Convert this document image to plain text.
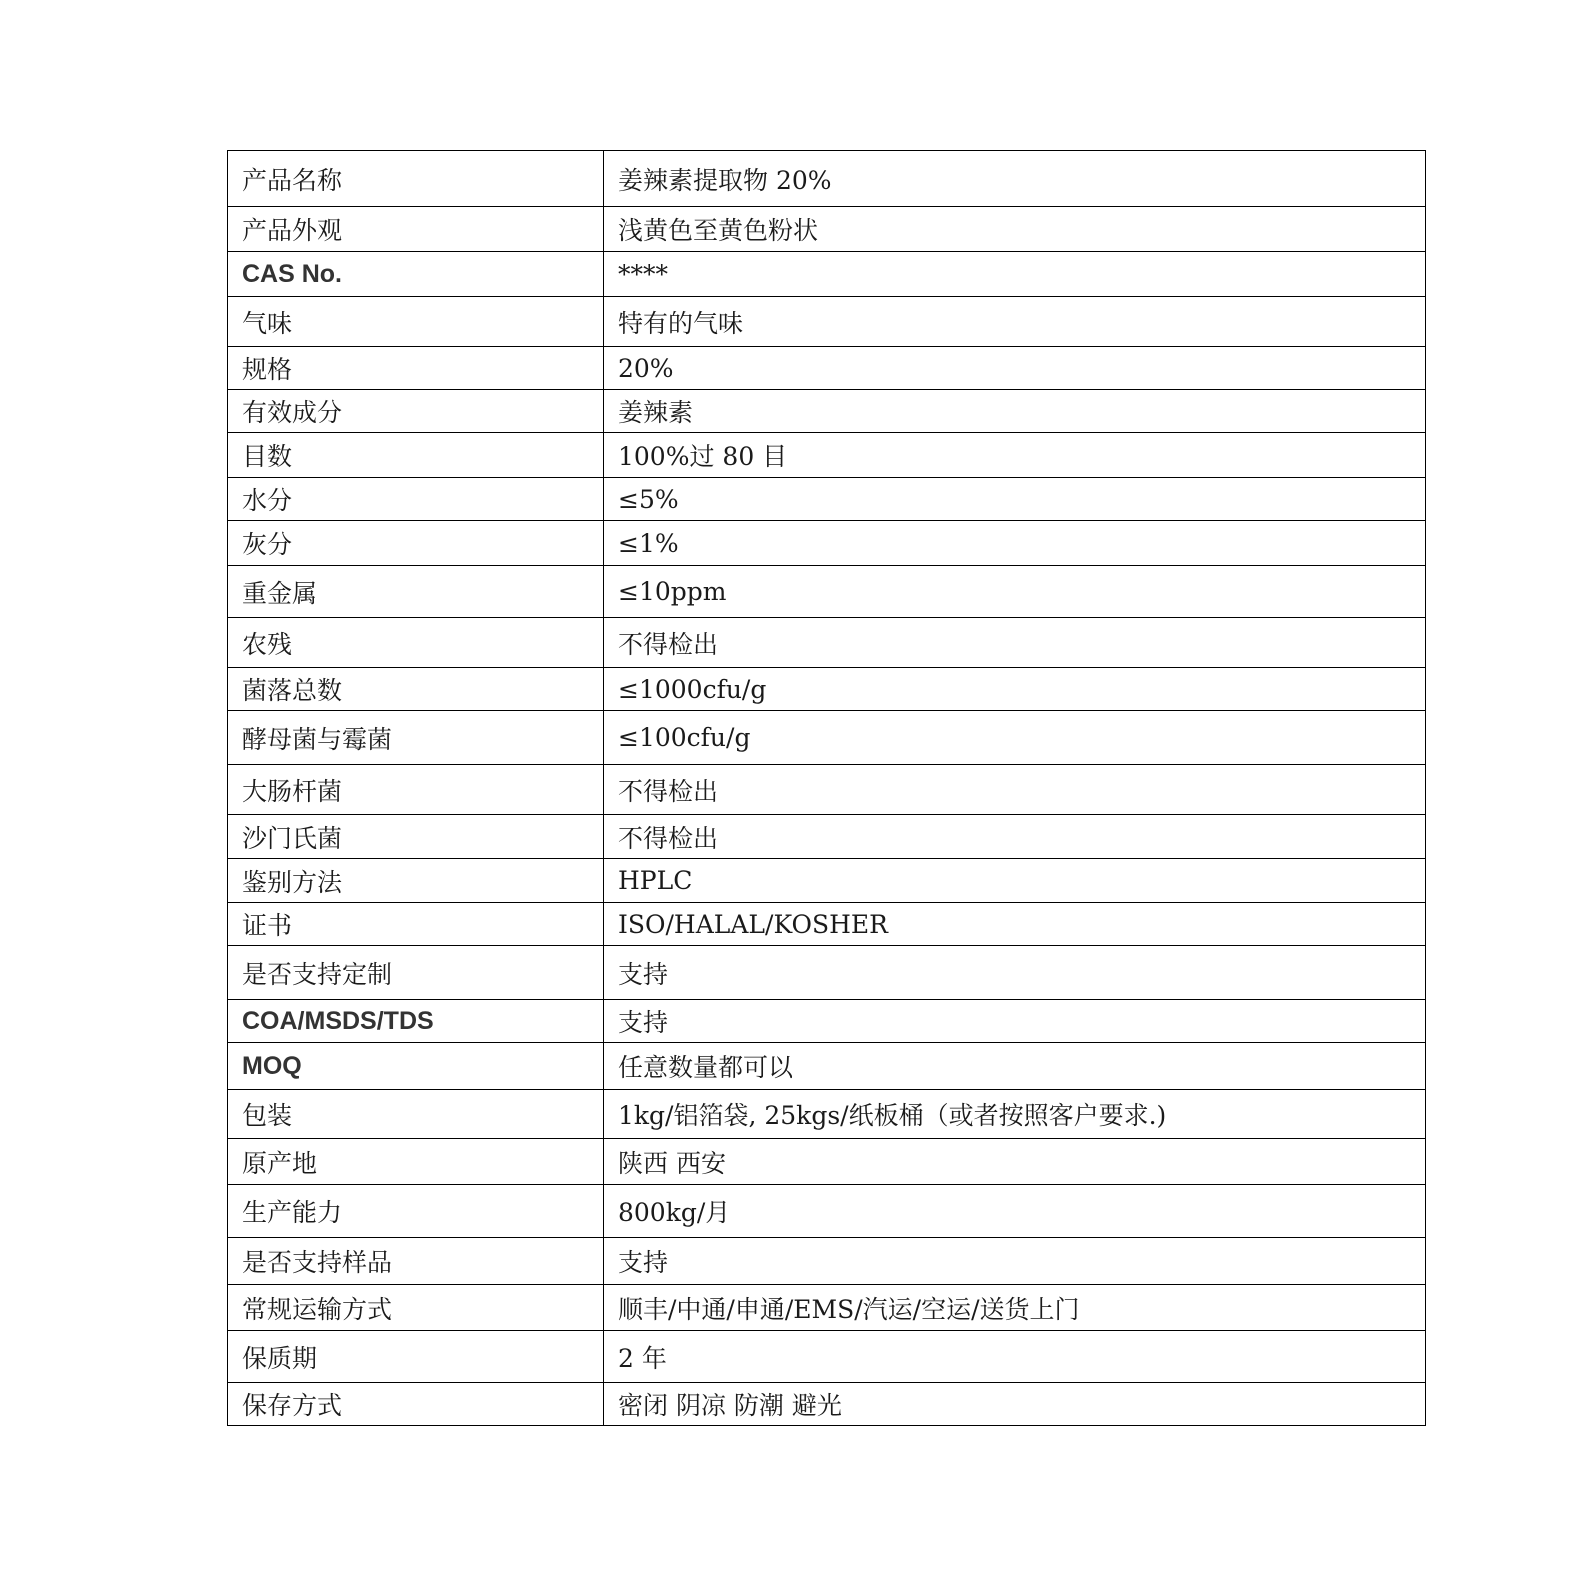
产品名称	姜辣素提取物 20%
产品外观	浅黄色至黄色粉状
CAS No.	****
气味	特有的气味
规格	20%
有效成分	姜辣素
目数	100%过 80 目
水分	≤5%
灰分	≤1%
重金属	≤10ppm
农残	不得检出
菌落总数	≤1000cfu/g
酵母菌与霉菌	≤100cfu/g
大肠杆菌	不得检出
沙门氏菌	不得检出
鉴别方法	HPLC
证书	ISO/HALAL/KOSHER
是否支持定制	支持
COA/MSDS/TDS	支持
MOQ	任意数量都可以
包装	1kg/铝箔袋, 25kgs/纸板桶（或者按照客户要求.)
原产地	陕西 西安
生产能力	800kg/月
是否支持样品	支持
常规运输方式	顺丰/中通/申通/EMS/汽运/空运/送货上门
保质期	2 年
保存方式	密闭 阴凉 防潮 避光
